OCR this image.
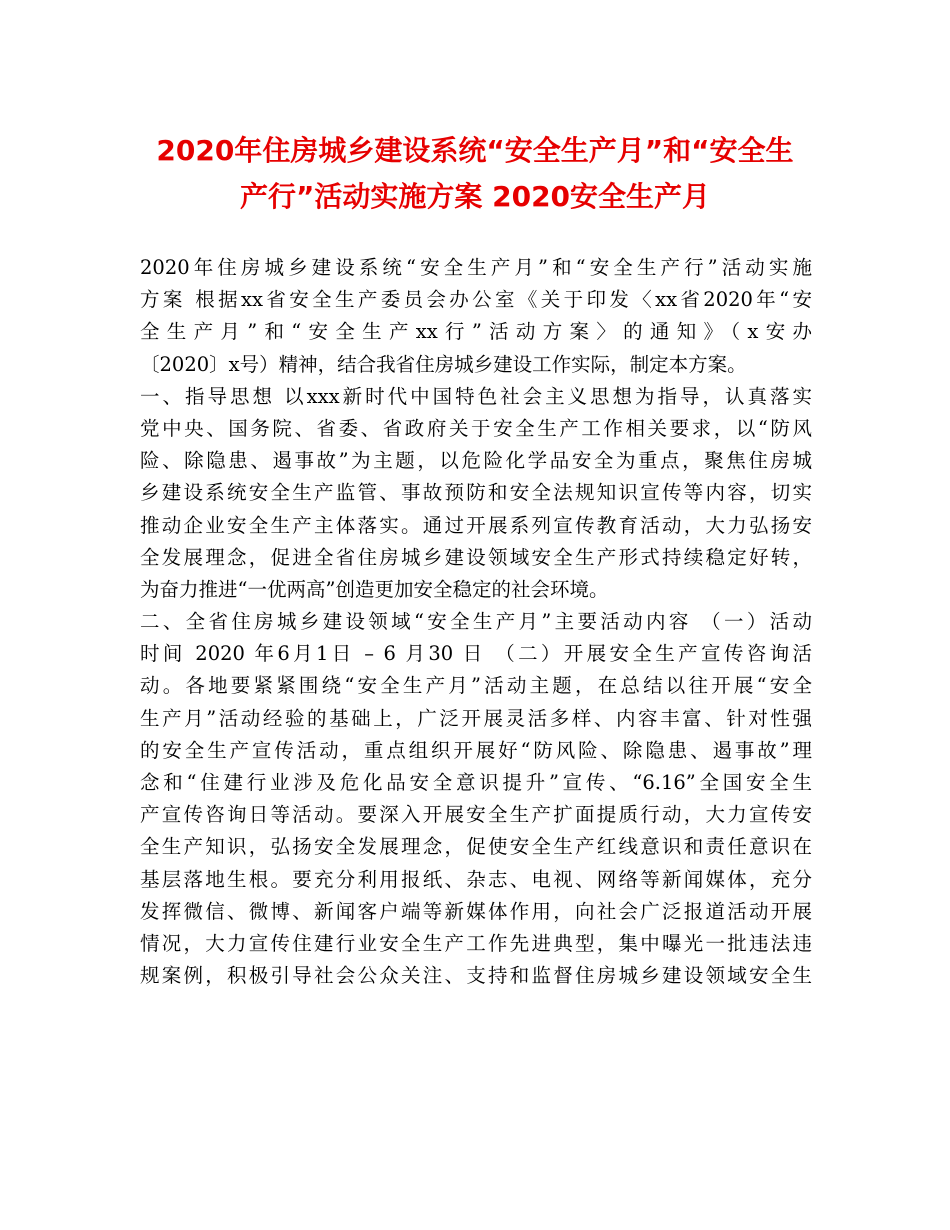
2020年住房城乡建设系统“安全生产月”和“安全生
产行”活动实施方案 2020安全生产月
2020年住房城乡建设系统“安全生产月”和“安全生产行”活动实施
方案 根据xx省安全生产委员会办公室《关于印发〈xx省2020年“安
全生产月”和“安全生产xx行”活动方案〉的通知》（x安办
〔2020〕x号）精神，结合我省住房城乡建设工作实际，制定本方案。
一、指导思想 以xxx新时代中国特色社会主义思想为指导，认真落实
党中央、国务院、省委、省政府关于安全生产工作相关要求，以“防风
险、除隐患、遏事故”为主题，以危险化学品安全为重点，聚焦住房城
乡建设系统安全生产监管、事故预防和安全法规知识宣传等内容，切实
推动企业安全生产主体落实。通过开展系列宣传教育活动，大力弘扬安
全发展理念，促进全省住房城乡建设领域安全生产形式持续稳定好转，
为奋力推进“一优两高”创造更加安全稳定的社会环境。
二、全省住房城乡建设领域“安全生产月”主要活动内容 （一）活动
时间 2020 年6月1日 – 6 月30 日 （二）开展安全生产宣传咨询活
动。各地要紧紧围绕“安全生产月”活动主题，在总结以往开展“安全
生产月”活动经验的基础上，广泛开展灵活多样、内容丰富、针对性强
的安全生产宣传活动，重点组织开展好“防风险、除隐患、遏事故”理
念和“住建行业涉及危化品安全意识提升”宣传、“6.16”全国安全生
产宣传咨询日等活动。要深入开展安全生产扩面提质行动，大力宣传安
全生产知识，弘扬安全发展理念，促使安全生产红线意识和责任意识在
基层落地生根。要充分利用报纸、杂志、电视、网络等新闻媒体，充分
发挥微信、微博、新闻客户端等新媒体作用，向社会广泛报道活动开展
情况，大力宣传住建行业安全生产工作先进典型，集中曝光一批违法违
规案例，积极引导社会公众关注、支持和监督住房城乡建设领域安全生
